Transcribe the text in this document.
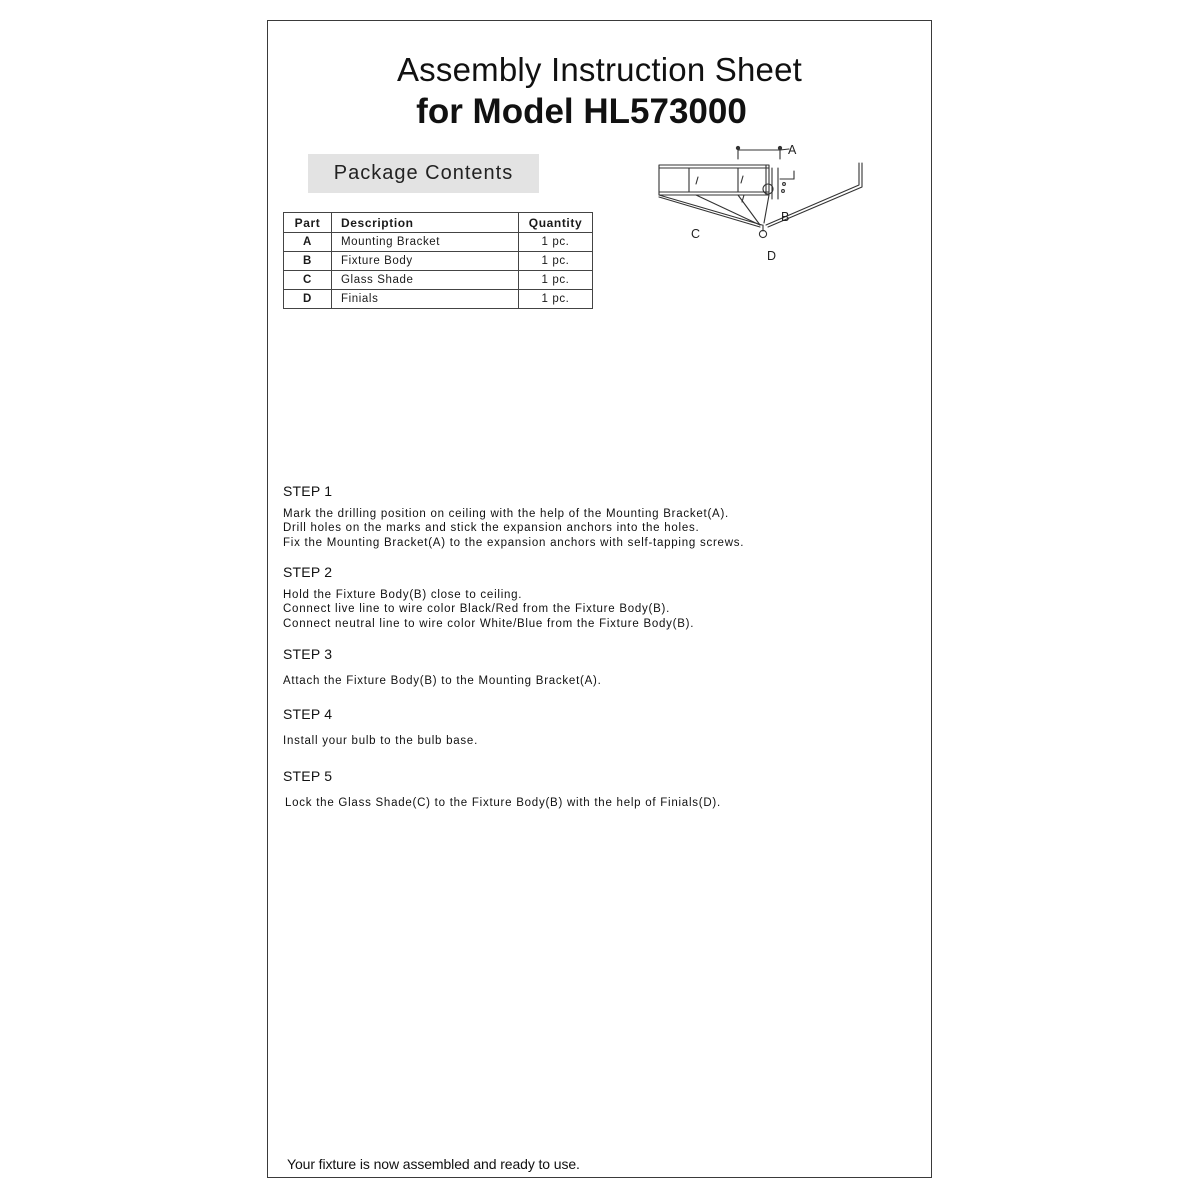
Assembly Instruction Sheet
for Model HL573000
Package Contents
Part	Description	Quantity
A	Mounting Bracket	1 pc.
B	Fixture Body	1 pc.
C	Glass Shade	1 pc.
D	Finials	1 pc.
A
B
C
D
STEP 1
Mark the drilling position on ceiling with the help of the Mounting Bracket(A).
Drill holes on the marks and stick the expansion anchors into the holes.
Fix the Mounting Bracket(A) to the expansion anchors with self-tapping screws.
STEP 2
Hold the Fixture Body(B) close to ceiling.
Connect live line to wire color Black/Red from the Fixture Body(B).
Connect neutral line to wire color White/Blue from the Fixture Body(B).
STEP 3
Attach the Fixture Body(B) to the Mounting Bracket(A).
STEP 4
Install your bulb to the bulb base.
STEP 5
Lock the Glass Shade(C) to the Fixture Body(B) with the help of Finials(D).
Your fixture is now assembled and ready to use.
